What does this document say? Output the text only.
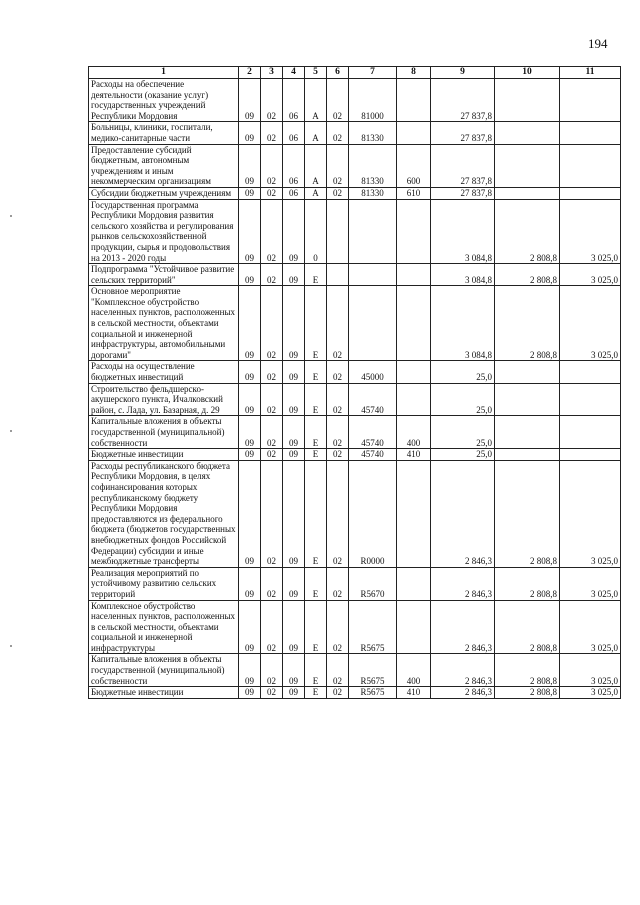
194
1	2	3	4	5	6	7	8	9	10	11
Расходы на обеспечение деятельности (оказание услуг) государственных учреждений Республики Мордовия	09	02	06	А	02	81000		27 837,8		
Больницы, клиники, госпитали, медико-санитарные части	09	02	06	А	02	81330		27 837,8		
Предоставление субсидий бюджетным, автономным учреждениям и иным некоммерческим организациям	09	02	06	А	02	81330	600	27 837,8		
Субсидии бюджетным учреждениям	09	02	06	А	02	81330	610	27 837,8		
Государственная программа Республики Мордовия развития сельского хозяйства и регулирования рынков сельскохозяйственной продукции, сырья и продовольствия на 2013 - 2020 годы	09	02	09	0				3 084,8	2 808,8	3 025,0
Подпрограмма "Устойчивое развитие сельских территорий"	09	02	09	Е				3 084,8	2 808,8	3 025,0
Основное мероприятие "Комплексное обустройство населенных пунктов, расположенных в сельской местности, объектами социальной и инженерной инфраструктуры, автомобильными дорогами"	09	02	09	Е	02			3 084,8	2 808,8	3 025,0
Расходы на осуществление бюджетных инвестиций	09	02	09	Е	02	45000		25,0		
Строительство фельдшерско-акушерского пункта, Ичалковский район, с. Лада, ул. Базарная, д. 29	09	02	09	Е	02	45740		25,0		
Капитальные вложения в объекты государственной (муниципальной) собственности	09	02	09	Е	02	45740	400	25,0		
Бюджетные инвестиции	09	02	09	Е	02	45740	410	25,0		
Расходы республиканского бюджета Республики Мордовия, в целях софинансирования которых республиканскому бюджету Республики Мордовия предоставляются из федерального бюджета (бюджетов государственных внебюджетных фондов Российской Федерации) субсидии и иные межбюджетные трансферты	09	02	09	Е	02	R0000		2 846,3	2 808,8	3 025,0
Реализация мероприятий по устойчивому развитию сельских территорий	09	02	09	Е	02	R5670		2 846,3	2 808,8	3 025,0
Комплексное обустройство населенных пунктов, расположенных в сельской местности, объектами социальной и инженерной инфраструктуры	09	02	09	Е	02	R5675		2 846,3	2 808,8	3 025,0
Капитальные вложения в объекты государственной (муниципальной) собственности	09	02	09	Е	02	R5675	400	2 846,3	2 808,8	3 025,0
Бюджетные инвестиции	09	02	09	Е	02	R5675	410	2 846,3	2 808,8	3 025,0
